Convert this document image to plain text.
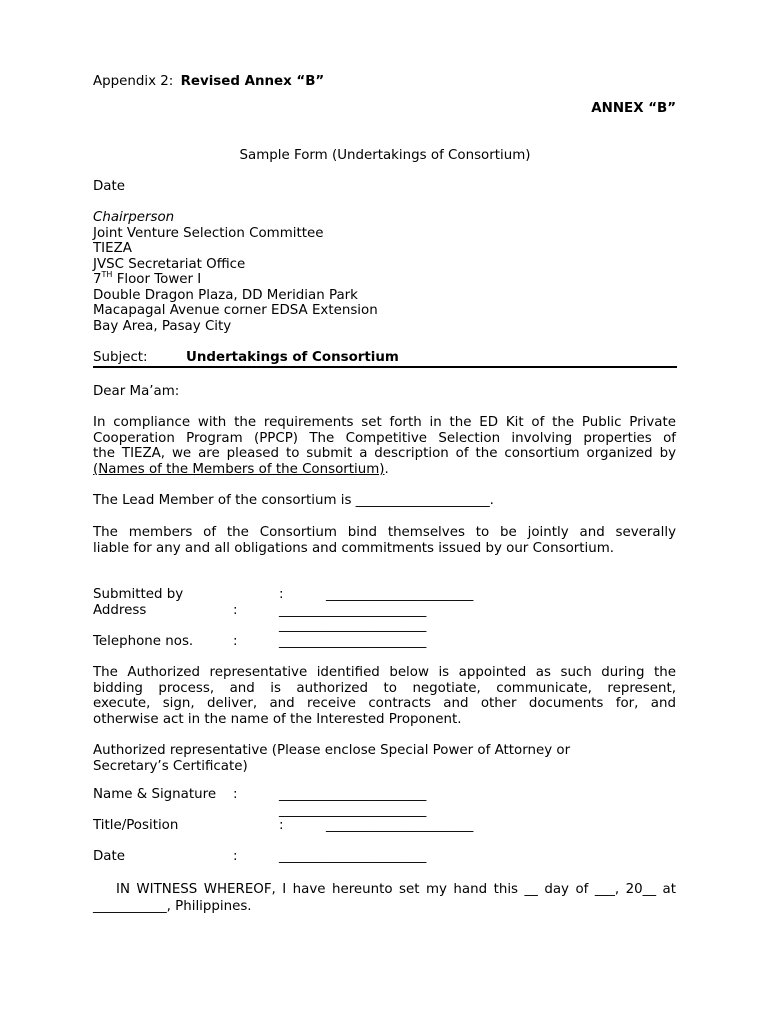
Appendix 2: Revised Annex “B”
ANNEX “B”
Sample Form (Undertakings of Consortium)
Date
Chairperson
Joint Venture Selection Committee
TIEZA
JVSC Secretariat Office
7TH Floor Tower I
Double Dragon Plaza, DD Meridian Park
Macapagal Avenue corner EDSA Extension
Bay Area, Pasay City
Subject:	Undertakings of Consortium
Dear Ma’am:
In compliance with the requirements set forth in the ED Kit of the Public Private
Cooperation Program (PPCP) The Competitive Selection involving properties of
the TIEZA, we are pleased to submit a description of the consortium organized by
(Names of the Members of the Consortium).
The Lead Member of the consortium is ____________________.
The members of the Consortium bind themselves to be jointly and severally
liable for any and all obligations and commitments issued by our Consortium.
Submitted by	:	______________________
Address	:	______________________
______________________
Telephone nos.	:	______________________
The Authorized representative identified below is appointed as such during the
bidding process, and is authorized to negotiate, communicate, represent,
execute, sign, deliver, and receive contracts and other documents for, and
otherwise act in the name of the Interested Proponent.
Authorized representative (Please enclose Special Power of Attorney or
Secretary’s Certificate)
Name & Signature :	______________________
______________________
Title/Position	:	______________________
Date	:	______________________
IN WITNESS WHEREOF, I have hereunto set my hand this __ day of ___, 20__ at
___________, Philippines.
